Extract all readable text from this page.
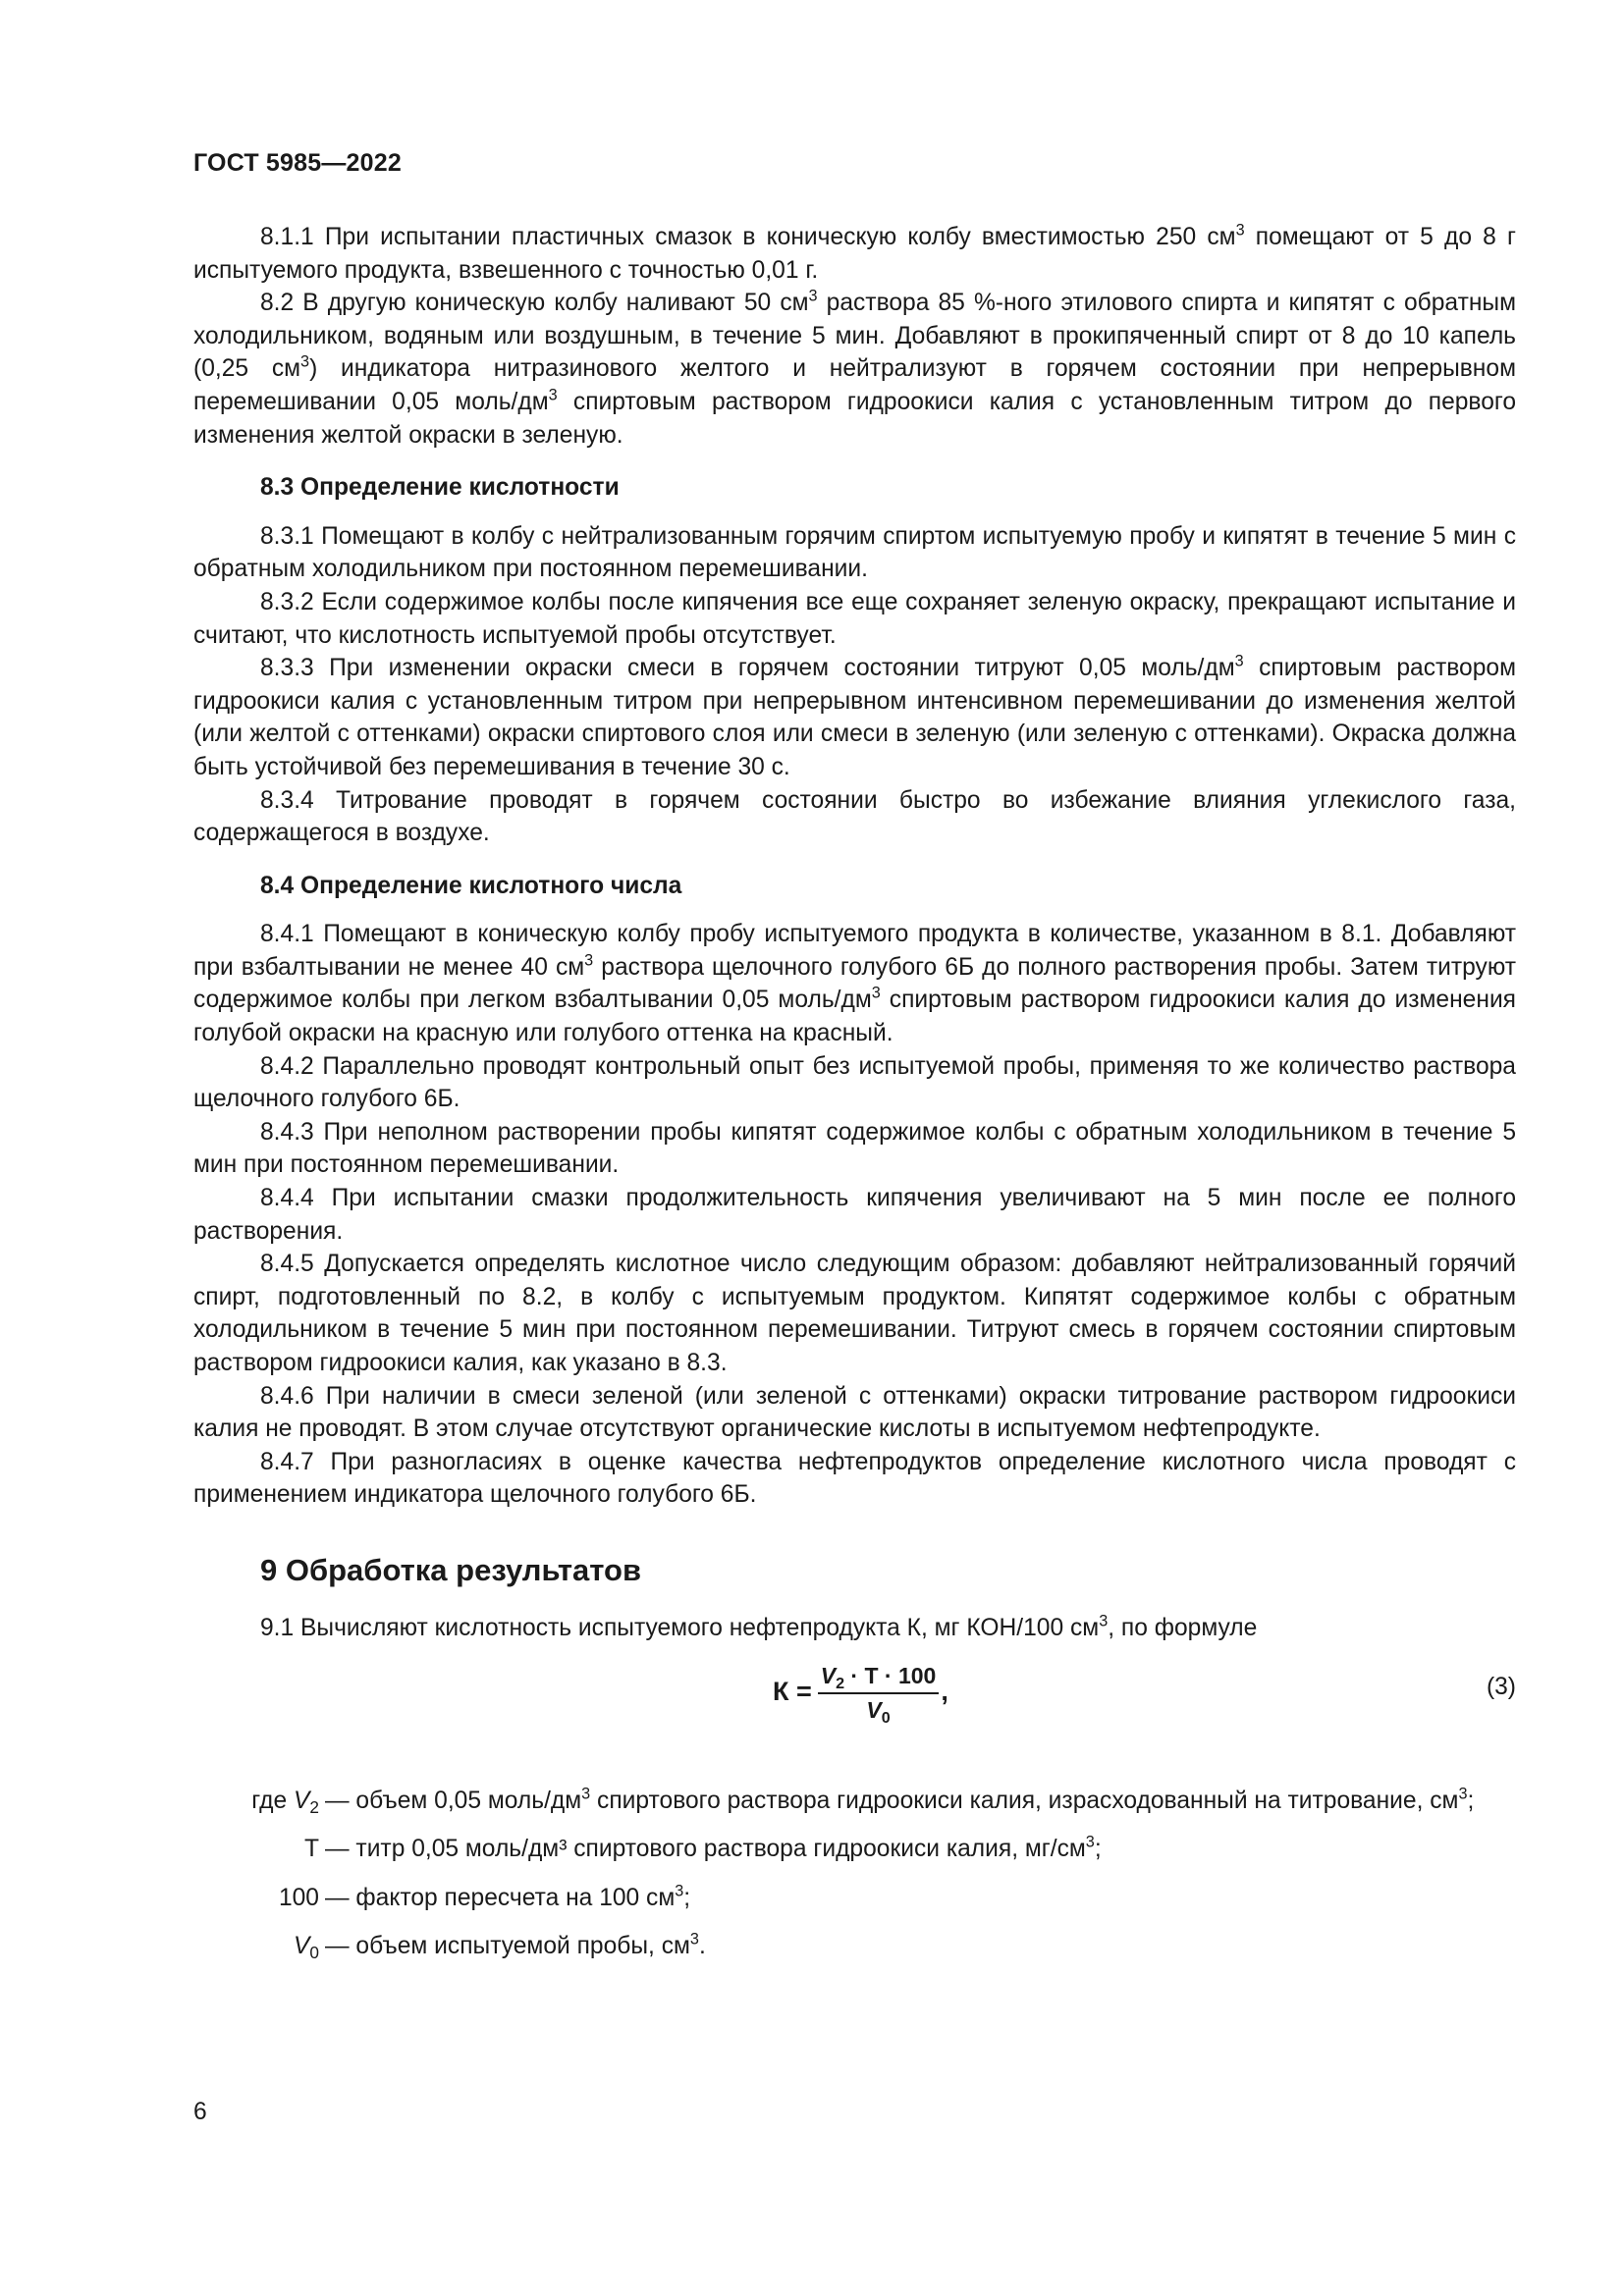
ГОСТ 5985—2022

8.1.1 При испытании пластичных смазок в коническую колбу вместимостью 250 $см^3$ помещают от 5 до 8 г испытуемого продукта, взвешенного с точностью 0,01 г.

8.2 В другую коническую колбу наливают 50 $см^3$ раствора 85 %-ного этилового спирта и кипятят с обратным холодильником, водяным или воздушным, в течение 5 мин. Добавляют в прокипяченный спирт от 8 до 10 капель (0,25 $см^3$) индикатора нитразинового желтого и нейтрализуют в горячем состоянии при непрерывном перемешивании 0,05 моль/$дм^3$ спиртовым раствором гидроокиси калия с установленным титром до первого изменения желтой окраски в зеленую.

8.3 Определение кислотности

8.3.1 Помещают в колбу с нейтрализованным горячим спиртом испытуемую пробу и кипятят в течение 5 мин с обратным холодильником при постоянном перемешивании.

8.3.2 Если содержимое колбы после кипячения все еще сохраняет зеленую окраску, прекращают испытание и считают, что кислотность испытуемой пробы отсутствует.

8.3.3 При изменении окраски смеси в горячем состоянии титруют 0,05 моль/$дм^3$ спиртовым раствором гидроокиси калия с установленным титром при непрерывном интенсивном перемешивании до изменения желтой (или желтой с оттенками) окраски спиртового слоя или смеси в зеленую (или зеленую с оттенками). Окраска должна быть устойчивой без перемешивания в течение 30 с.

8.3.4 Титрование проводят в горячем состоянии быстро во избежание влияния углекислого газа, содержащегося в воздухе.

8.4 Определение кислотного числа

8.4.1 Помещают в коническую колбу пробу испытуемого продукта в количестве, указанном в 8.1. Добавляют при взбалтывании не менее 40 $см^3$ раствора щелочного голубого 6Б до полного растворения пробы. Затем титруют содержимое колбы при легком взбалтывании 0,05 моль/$дм^3$ спиртовым раствором гидроокиси калия до изменения голубой окраски на красную или голубого оттенка на красный.

8.4.2 Параллельно проводят контрольный опыт без испытуемой пробы, применяя то же количество раствора щелочного голубого 6Б.

8.4.3 При неполном растворении пробы кипятят содержимое колбы с обратным холодильником в течение 5 мин при постоянном перемешивании.

8.4.4 При испытании смазки продолжительность кипячения увеличивают на 5 мин после ее полного растворения.

8.4.5 Допускается определять кислотное число следующим образом: добавляют нейтрализованный горячий спирт, подготовленный по 8.2, в колбу с испытуемым продуктом. Кипятят содержимое колбы с обратным холодильником в течение 5 мин при постоянном перемешивании. Титруют смесь в горячем состоянии спиртовым раствором гидроокиси калия, как указано в 8.3.

8.4.6 При наличии в смеси зеленой (или зеленой с оттенками) окраски титрование раствором гидроокиси калия не проводят. В этом случае отсутствуют органические кислоты в испытуемом нефтепродукте.

8.4.7 При разногласиях в оценке качества нефтепродуктов определение кислотного числа проводят с применением индикатора щелочного голубого 6Б.

9 Обработка результатов

9.1 Вычисляют кислотность испытуемого нефтепродукта К, мг КОН/100 $см^3$, по формуле

$К = \frac{V_2 \cdot Т \cdot 100}{V_0}$ ,	(3)
где $V_2$ — объем 0,05 моль/$дм^3$ спиртового раствора гидроокиси калия, израсходованный на титрование, $см^3$;
Т — титр 0,05 моль/дм³ спиртового раствора гидроокиси калия, $мг/см^3$;
100 — фактор пересчета на 100 $см^3$;
$V_0$ — объем испытуемой пробы, $см^3$.
6
